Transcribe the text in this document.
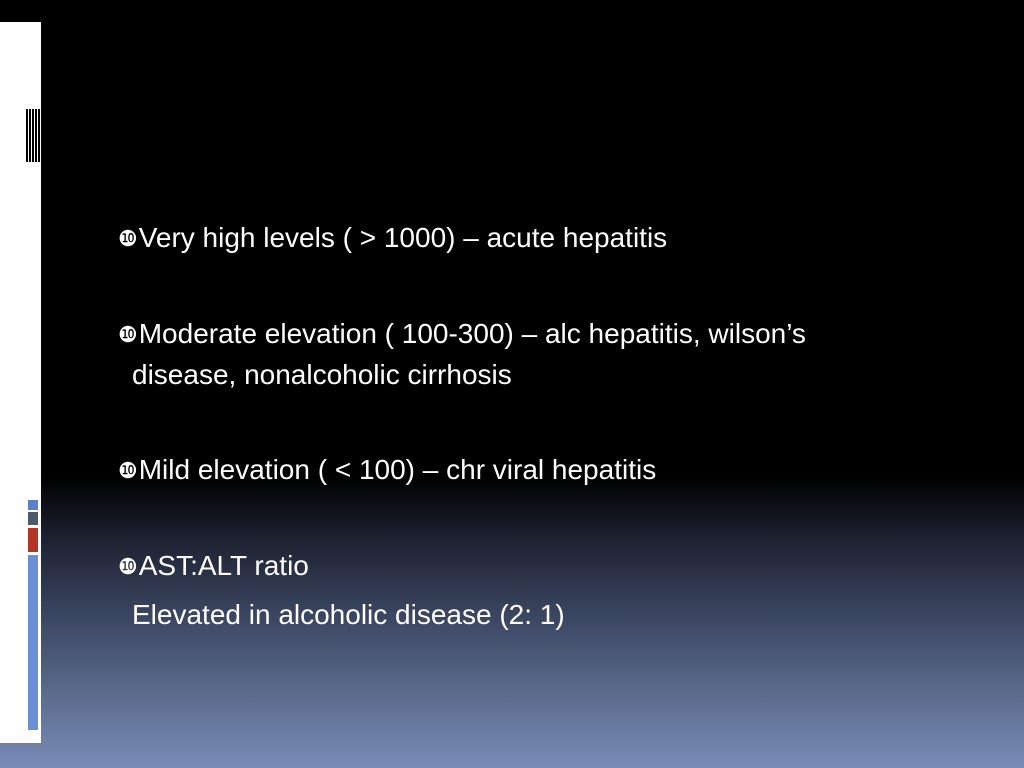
❿Very high levels ( > 1000) – acute hepatitis
❿Moderate elevation ( 100-300) – alc hepatitis, wilson’s
disease, nonalcoholic cirrhosis
❿Mild elevation ( < 100) – chr viral hepatitis
❿AST:ALT ratio
Elevated in alcoholic disease (2: 1)
